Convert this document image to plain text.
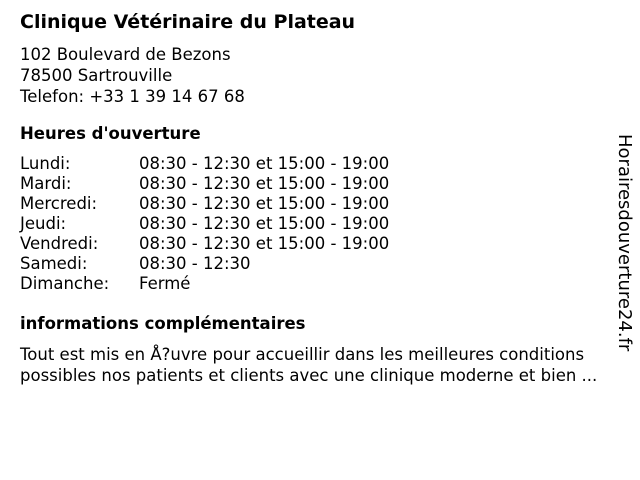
Clinique Vétérinaire du Plateau
102 Boulevard de Bezons
78500 Sartrouville
Telefon: +33 1 39 14 67 68
Heures d'ouverture
Lundi:	08:30 - 12:30 et 15:00 - 19:00
Mardi:	08:30 - 12:30 et 15:00 - 19:00
Mercredi:	08:30 - 12:30 et 15:00 - 19:00
Jeudi:	08:30 - 12:30 et 15:00 - 19:00
Vendredi: 08:30 - 12:30 et 15:00 - 19:00
Samedi:	08:30 - 12:30
Dimanche: Fermé
informations complémentaires
Tout est mis en Å?uvre pour accueillir dans les meilleures conditions
possibles nos patients et clients avec une clinique moderne et bien ...
Horairesdouverture24.fr
